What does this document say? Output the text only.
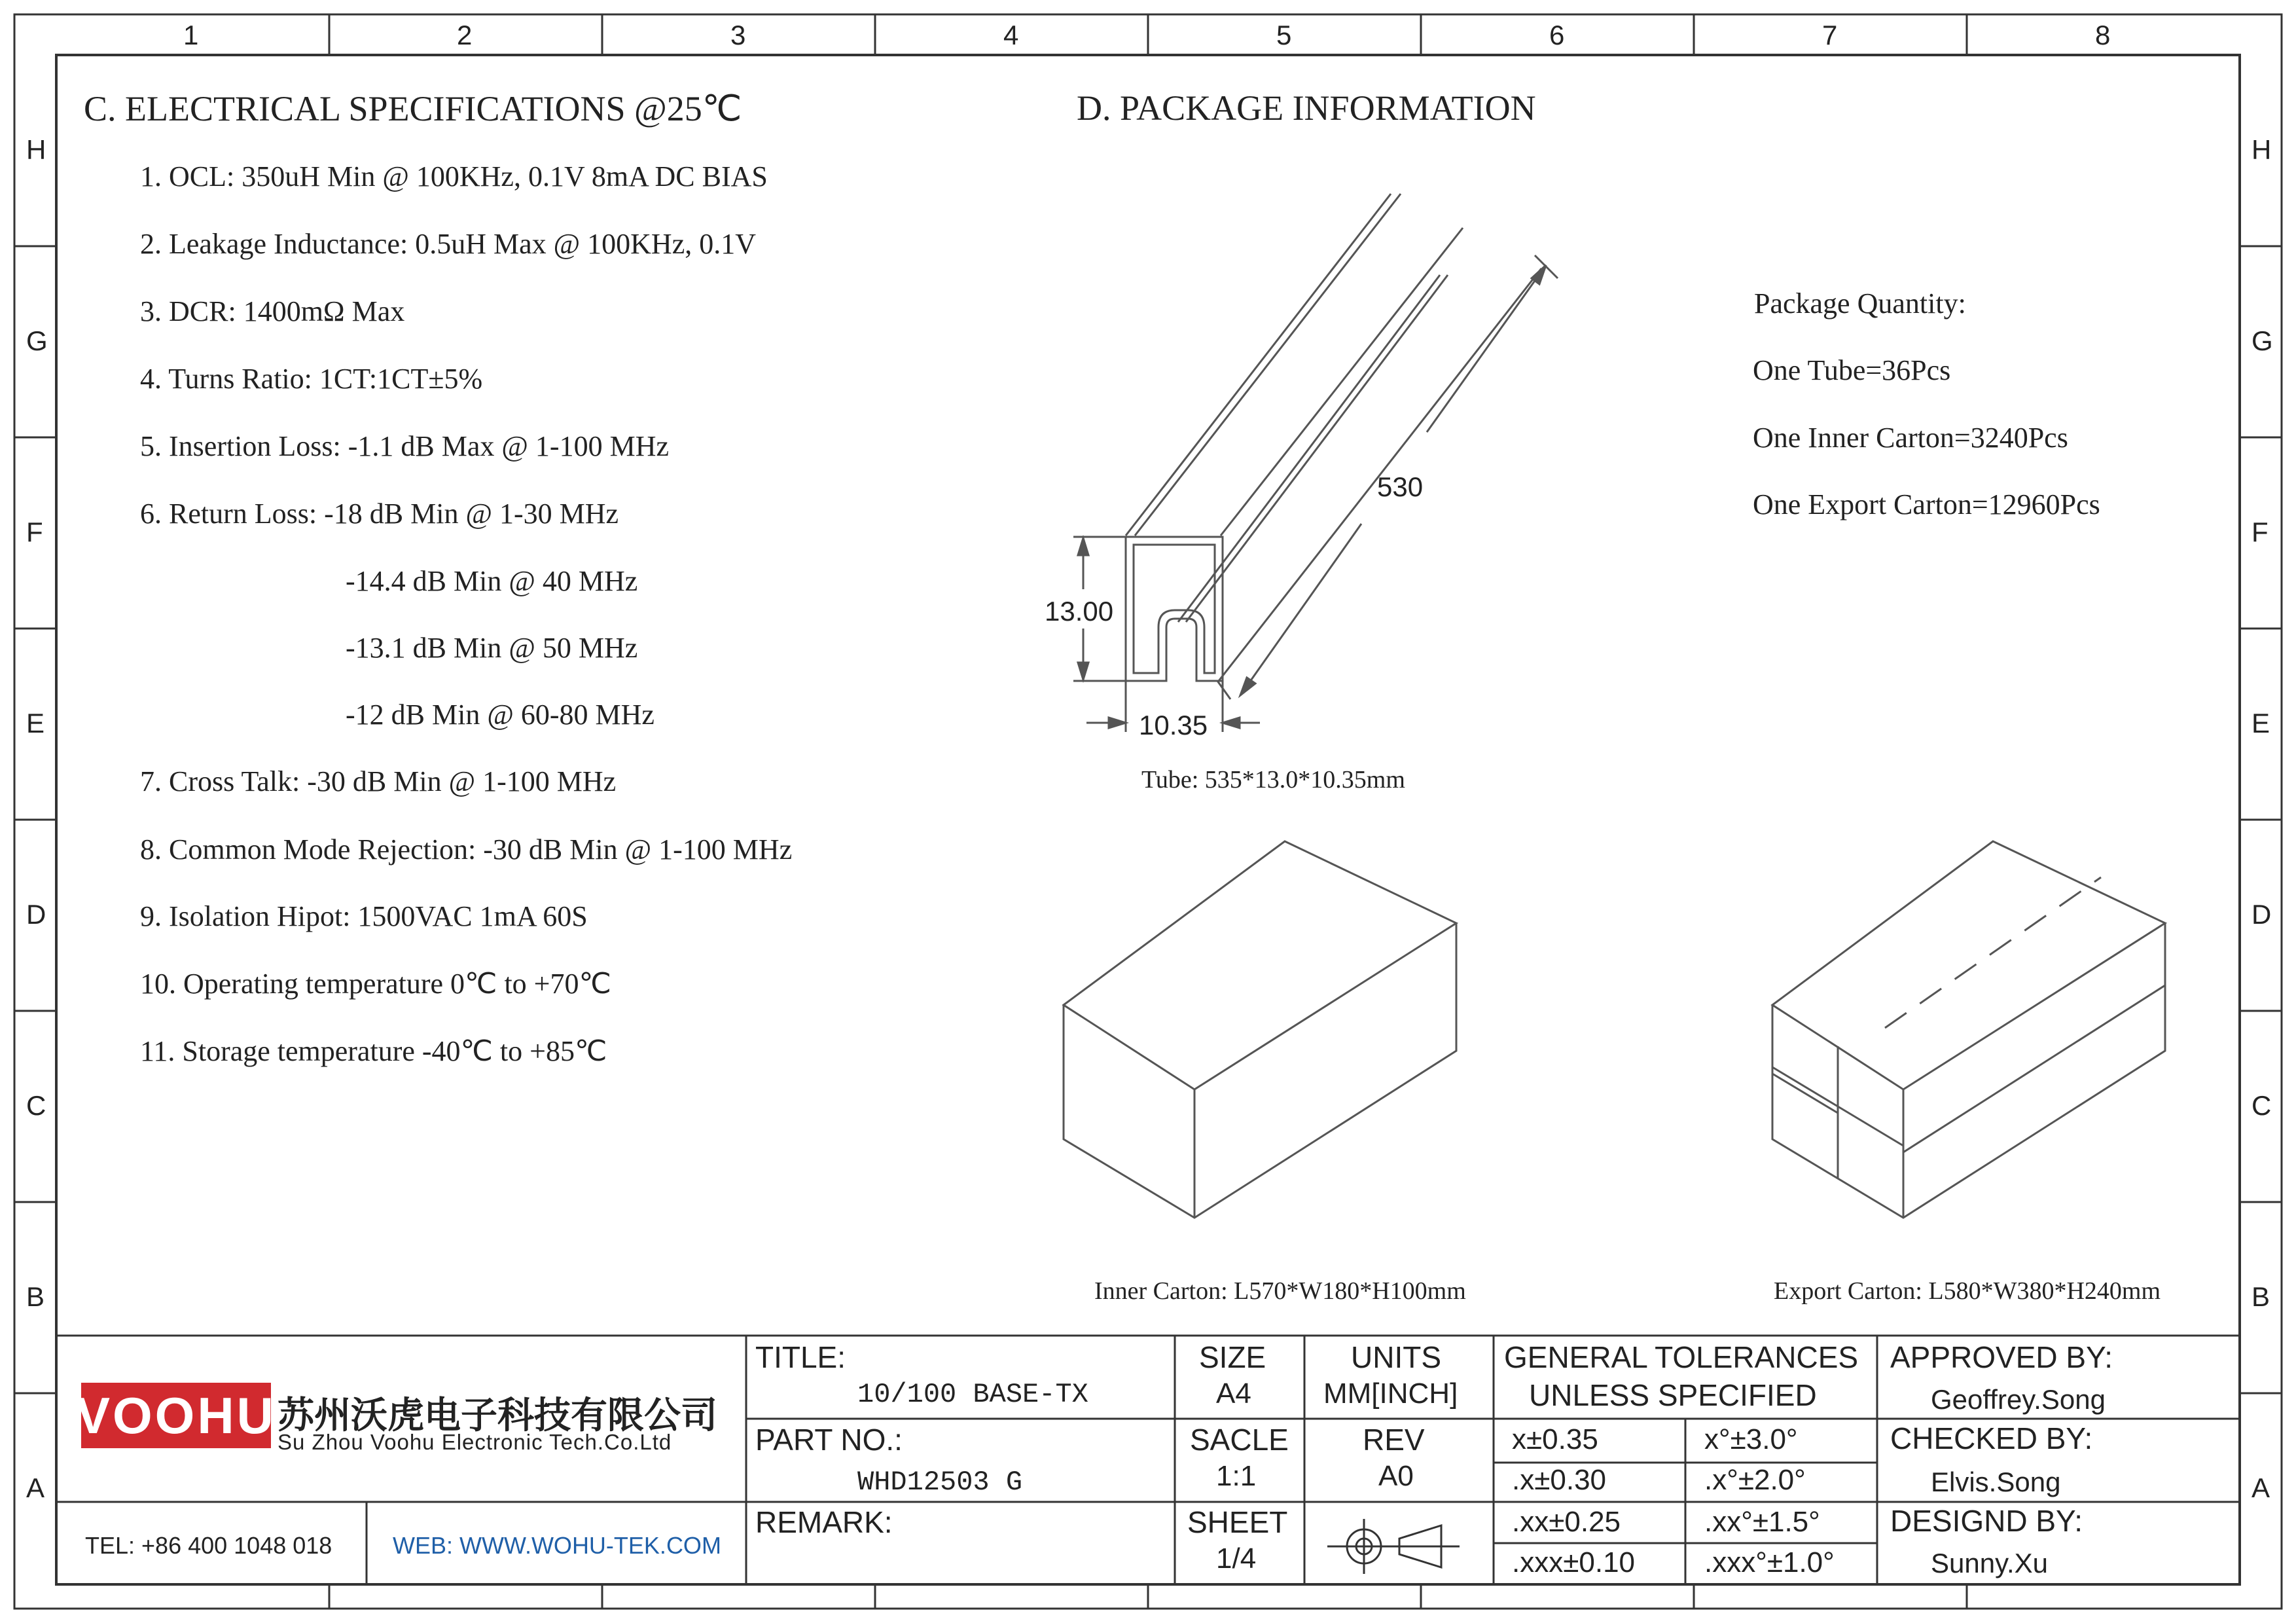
1	2	3	4	5	6	7	8
H
G
F
E
D
C
B
A
H
G
F
E
D
C
B
A
C. ELECTRICAL SPECIFICATIONS @25℃
1. OCL: 350uH Min @ 100KHz, 0.1V 8mA DC BIAS
2. Leakage Inductance: 0.5uH Max @ 100KHz, 0.1V
3. DCR: 1400mΩ Max
4. Turns Ratio: 1CT:1CT±5%
5. Insertion Loss: -1.1 dB Max @ 1-100 MHz
6. Return Loss: -18 dB Min @ 1-30 MHz
-14.4 dB Min @ 40 MHz
-13.1 dB Min @ 50 MHz
-12 dB Min @ 60-80 MHz
7. Cross Talk: -30 dB Min @ 1-100 MHz
8. Common Mode Rejection: -30 dB Min @ 1-100 MHz
9. Isolation Hipot: 1500VAC 1mA 60S
10. Operating temperature 0℃ to +70℃
11. Storage temperature -40℃ to +85℃
D. PACKAGE INFORMATION
Package Quantity:
One Tube=36Pcs
One Inner Carton=3240Pcs
One Export Carton=12960Pcs
530
13.00
10.35
Tube: 535*13.0*10.35mm
Inner Carton: L570*W180*H100mm	Export Carton: L580*W380*H240mm
VOOHU 苏州沃虎电子科技有限公司
Su Zhou Voohu Electronic Tech.Co.Ltd
TEL: +86 400 1048 018	WEB: WWW.WOHU-TEK.COM
TITLE:
10/100 BASE-TX
PART NO.:
WHD12503 G
REMARK:
SIZE
A4
SACLE
1:1
SHEET
1/4
UNITS
MM[INCH]
REV
A0
GENERAL TOLERANCES
UNLESS SPECIFIED
x±0.35	x°±3.0°
.x±0.30	.x°±2.0°
.xx±0.25	.xx°±1.5°
.xxx±0.10 .xxx°±1.0°
APPROVED BY:
Geoffrey.Song
CHECKED BY:
Elvis.Song
DESIGND BY:
Sunny.Xu
